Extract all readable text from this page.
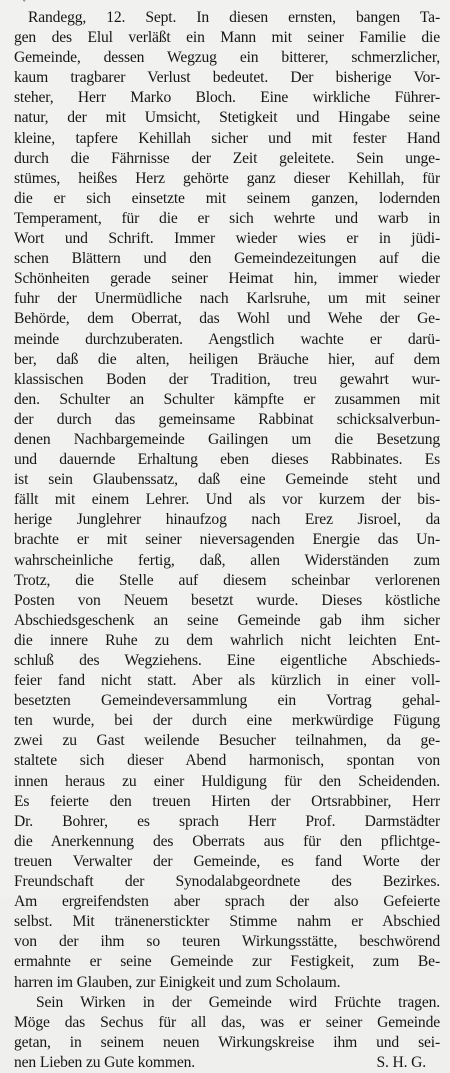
ˇ
Randegg, 12. Sept. In diesen ernsten, bangen Ta-
gen des Elul verläßt ein Mann mit seiner Familie die
Gemeinde, dessen Wegzug ein bitterer, schmerzlicher,
kaum tragbarer Verlust bedeutet. Der bisherige Vor-
steher, Herr Marko Bloch. Eine wirkliche Führer-
natur, der mit Umsicht, Stetigkeit und Hingabe seine
kleine, tapfere Kehillah sicher und mit fester Hand
durch die Fährnisse der Zeit geleitete. Sein unge-
stümes, heißes Herz gehörte ganz dieser Kehillah, für
die er sich einsetzte mit seinem ganzen, lodernden
Temperament, für die er sich wehrte und warb in
Wort und Schrift. Immer wieder wies er in jüdi-
schen Blättern und den Gemeindezeitungen auf die
Schönheiten gerade seiner Heimat hin, immer wieder
fuhr der Unermüdliche nach Karlsruhe, um mit seiner
Behörde, dem Oberrat, das Wohl und Wehe der Ge-
meinde durchzuberaten. Aengstlich wachte er darü-
ber, daß die alten, heiligen Bräuche hier, auf dem
klassischen Boden der Tradition, treu gewahrt wur-
den. Schulter an Schulter kämpfte er zusammen mit
der durch das gemeinsame Rabbinat schicksalverbun-
denen Nachbargemeinde Gailingen um die Besetzung
und dauernde Erhaltung eben dieses Rabbinates. Es
ist sein Glaubenssatz, daß eine Gemeinde steht und
fällt mit einem Lehrer. Und als vor kurzem der bis-
herige Junglehrer hinaufzog nach Erez Jisroel, da
brachte er mit seiner nieversagenden Energie das Un-
wahrscheinliche fertig, daß, allen Widerständen zum
Trotz, die Stelle auf diesem scheinbar verlorenen
Posten von Neuem besetzt wurde. Dieses köstliche
Abschiedsgeschenk an seine Gemeinde gab ihm sicher
die innere Ruhe zu dem wahrlich nicht leichten Ent-
schluß des Wegziehens. Eine eigentliche Abschieds-
feier fand nicht statt. Aber als kürzlich in einer voll-
besetzten Gemeindeversammlung ein Vortrag gehal-
ten wurde, bei der durch eine merkwürdige Fügung
zwei zu Gast weilende Besucher teilnahmen, da ge-
staltete sich dieser Abend harmonisch, spontan von
innen heraus zu einer Huldigung für den Scheidenden.
Es feierte den treuen Hirten der Ortsrabbiner, Herr
Dr. Bohrer, es sprach Herr Prof. Darmstädter
die Anerkennung des Oberrats aus für den pflichtge-
treuen Verwalter der Gemeinde, es fand Worte der
Freundschaft der Synodalabgeordnete des Bezirkes.
Am ergreifendsten aber sprach der also Gefeierte
selbst. Mit tränenerstickter Stimme nahm er Abschied
von der ihm so teuren Wirkungsstätte, beschwörend
ermahnte er seine Gemeinde zur Festigkeit, zum Be-
harren im Glauben, zur Einigkeit und zum Scholaum.
Sein Wirken in der Gemeinde wird Früchte tragen.
Möge das Sechus für all das, was er seiner Gemeinde
getan, in seinem neuen Wirkungskreise ihm und sei-
nen Lieben zu Gute kommen.	S. H. G.
